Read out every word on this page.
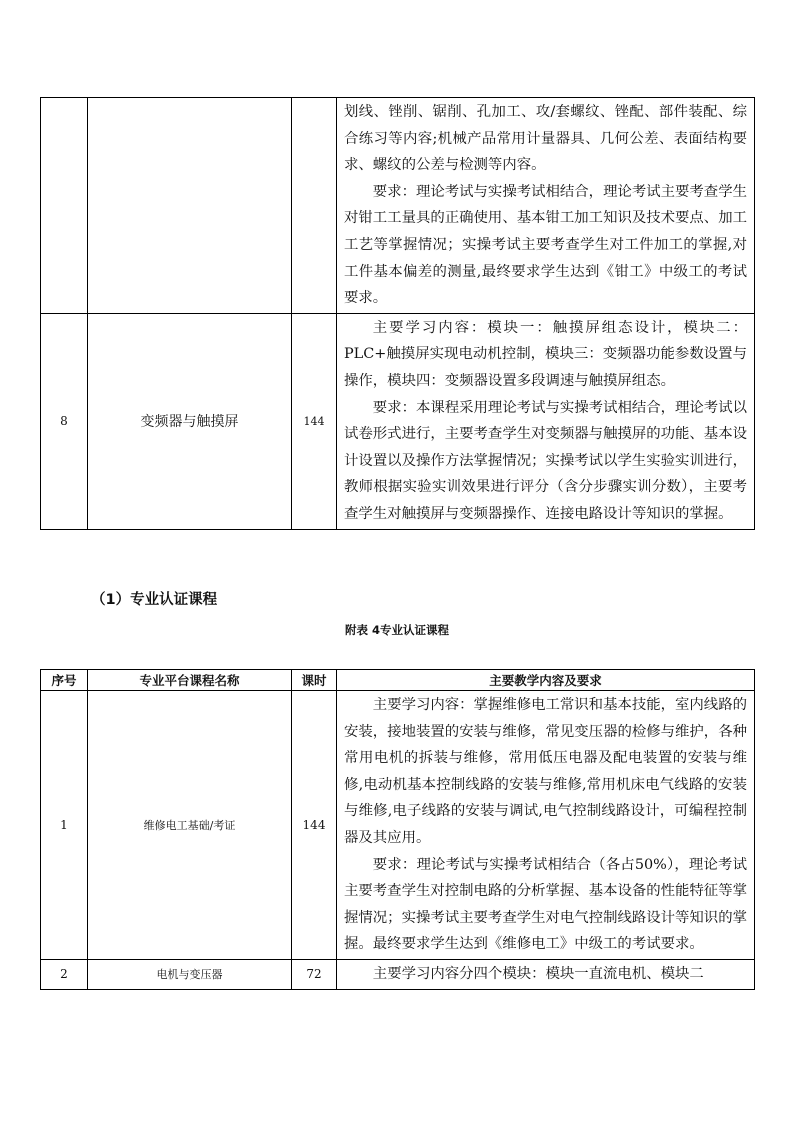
			划线、锉削、锯削、孔加工、攻/套螺纹、锉配、部件装配、综合练习等内容;机械产品常用计量器具、几何公差、表面结构要求、螺纹的公差与检测等内容。

要求：理论考试与实操考试相结合，理论考试主要考查学生对钳工工量具的正确使用、基本钳工加工知识及技术要点、加工工艺等掌握情况；实操考试主要考查学生对工件加工的掌握,对工件基本偏差的测量,最终要求学生达到《钳工》中级工的考试要求。

8	变频器与触摸屏	144	主要学习内容：模块一：触摸屏组态设计，模块二：PLC+触摸屏实现电动机控制，模块三：变频器功能参数设置与操作，模块四：变频器设置多段调速与触摸屏组态。

要求：本课程采用理论考试与实操考试相结合，理论考试以试卷形式进行，主要考查学生对变频器与触摸屏的功能、基本设计设置以及操作方法掌握情况；实操考试以学生实验实训进行，教师根据实验实训效果进行评分（含分步骤实训分数），主要考查学生对触摸屏与变频器操作、连接电路设计等知识的掌握。

（1）专业认证课程

附表 4专业认证课程

序号	专业平台课程名称	课时	主要教学内容及要求
1	维修电工基础/考证	144	主要学习内容：掌握维修电工常识和基本技能，室内线路的安装，接地装置的安装与维修，常见变压器的检修与维护，各种常用电机的拆装与维修，常用低压电器及配电装置的安装与维修,电动机基本控制线路的安装与维修,常用机床电气线路的安装与维修,电子线路的安装与调试,电气控制线路设计，可编程控制器及其应用。

要求：理论考试与实操考试相结合（各占50%），理论考试主要考查学生对控制电路的分析掌握、基本设备的性能特征等掌握情况；实操考试主要考查学生对电气控制线路设计等知识的掌握。最终要求学生达到《维修电工》中级工的考试要求。

2	电机与变压器	72	主要学习内容分四个模块：模块一直流电机、模块二
